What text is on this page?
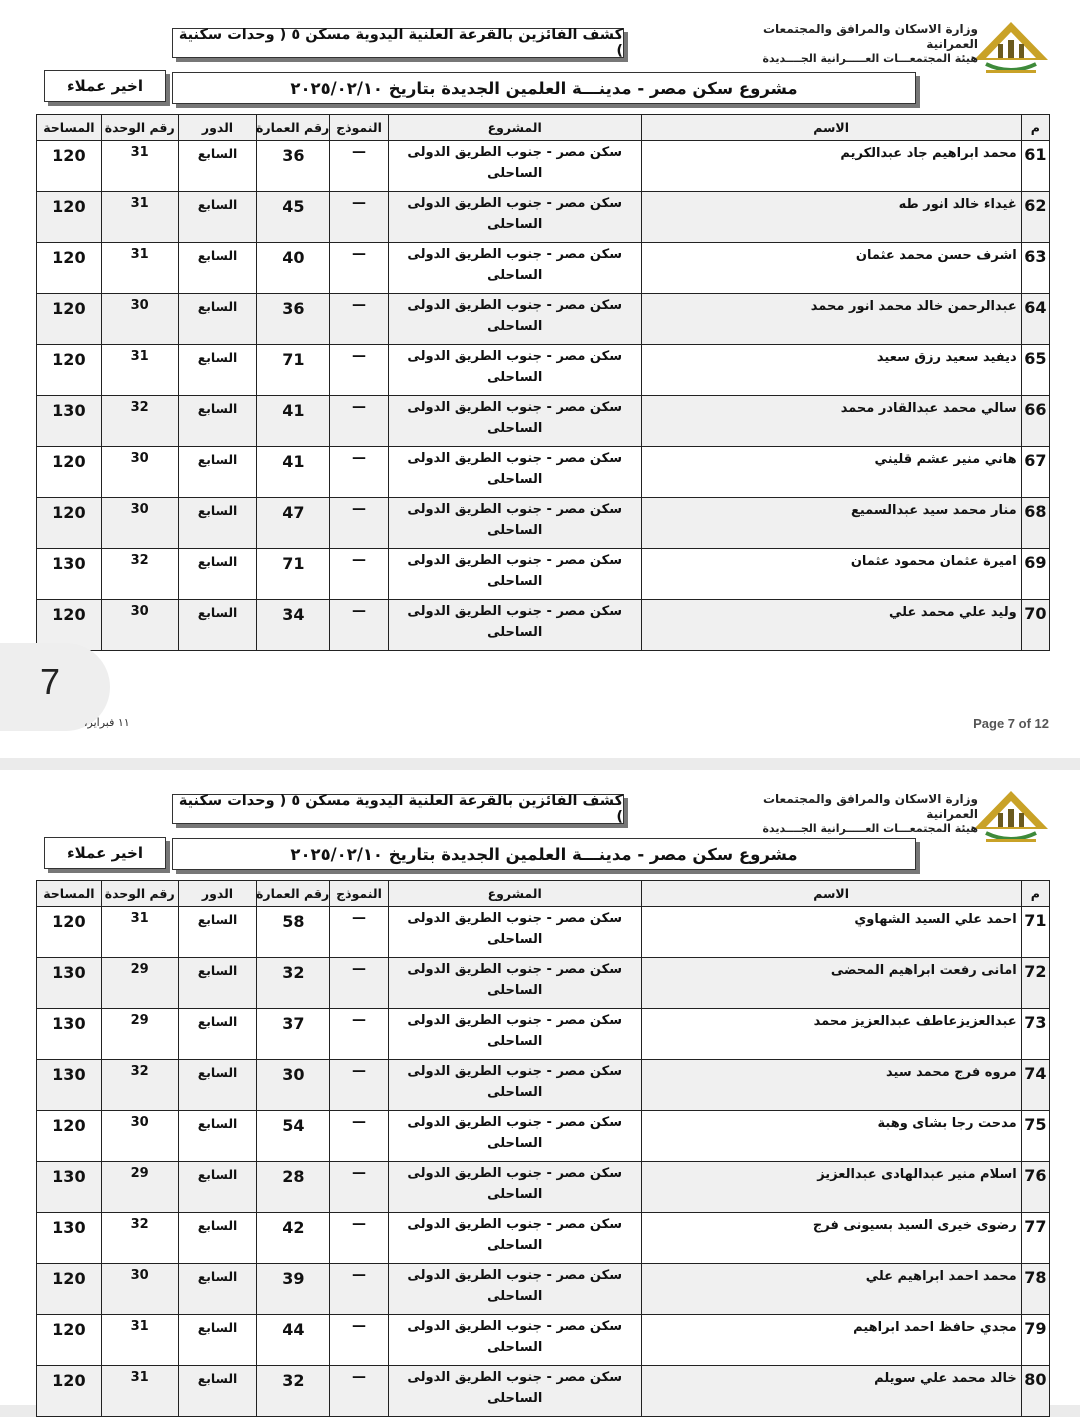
وزارة الاسكان والمرافق والمجتمعات العمرانية
هيئة المجتمعـــات العـــــرانية الجــــديدة
كشف الفائزين بالقرعة العلنية اليدوية مسكن ٥ ( وحدات سكنية )
مشروع سكن مصر - مدينـــة العلمين الجديدة بتاريخ ٢٠٢٥/٠٢/١٠
اخير عملاء
م	الاسم	المشروع	النموذج	رقم العمارة	الدور	رقم الوحدة	المساحة
61	محمد ابراهيم جاد عبدالكريم	سكن مصر - جنوب الطريق الدولى الساحلى	—	36	السابع	31	120
62	غيداء خالد انور طه	سكن مصر - جنوب الطريق الدولى الساحلى	—	45	السابع	31	120
63	اشرف حسن محمد عثمان	سكن مصر - جنوب الطريق الدولى الساحلى	—	40	السابع	31	120
64	عبدالرحمن خالد محمد انور محمد	سكن مصر - جنوب الطريق الدولى الساحلى	—	36	السابع	30	120
65	ديفيد سعيد رزق سعيد	سكن مصر - جنوب الطريق الدولى الساحلى	—	71	السابع	31	120
66	سالي محمد عبدالقادر محمد	سكن مصر - جنوب الطريق الدولى الساحلى	—	41	السابع	32	130
67	هاني منير عشم قليني	سكن مصر - جنوب الطريق الدولى الساحلى	—	41	السابع	30	120
68	منار محمد سيد عبدالسميع	سكن مصر - جنوب الطريق الدولى الساحلى	—	47	السابع	30	120
69	اميرة عثمان محمود عثمان	سكن مصر - جنوب الطريق الدولى الساحلى	—	71	السابع	32	130
70	وليد علي محمد علي	سكن مصر - جنوب الطريق الدولى الساحلى	—	34	السابع	30	120
7
١١ فبراير،	Page 7 of 12
وزارة الاسكان والمرافق والمجتمعات العمرانية
هيئة المجتمعـــات العـــــرانية الجــــديدة
كشف الفائزين بالقرعة العلنية اليدوية مسكن ٥ ( وحدات سكنية )
مشروع سكن مصر - مدينـــة العلمين الجديدة بتاريخ ٢٠٢٥/٠٢/١٠
اخير عملاء
م	الاسم	المشروع	النموذج	رقم العمارة	الدور	رقم الوحدة	المساحة
71	احمد علي السيد الشهاوي	سكن مصر - جنوب الطريق الدولى الساحلى	—	58	السابع	31	120
72	امانى رفعت ابراهيم المحضى	سكن مصر - جنوب الطريق الدولى الساحلى	—	32	السابع	29	130
73	عبدالعزيزعاطف عبدالعزيز محمد	سكن مصر - جنوب الطريق الدولى الساحلى	—	37	السابع	29	130
74	مروه فرج محمد سيد	سكن مصر - جنوب الطريق الدولى الساحلى	—	30	السابع	32	130
75	مدحت رجا بشاى وهبة	سكن مصر - جنوب الطريق الدولى الساحلى	—	54	السابع	30	120
76	اسلام منير عبدالهادى عبدالعزيز	سكن مصر - جنوب الطريق الدولى الساحلى	—	28	السابع	29	130
77	رضوى خيرى السيد بسيونى فرج	سكن مصر - جنوب الطريق الدولى الساحلى	—	42	السابع	32	130
78	محمد احمد ابراهيم علي	سكن مصر - جنوب الطريق الدولى الساحلى	—	39	السابع	30	120
79	مجدي حافظ احمد ابراهيم	سكن مصر - جنوب الطريق الدولى الساحلى	—	44	السابع	31	120
80	خالد محمد علي سويلم	سكن مصر - جنوب الطريق الدولى الساحلى	—	32	السابع	31	120
